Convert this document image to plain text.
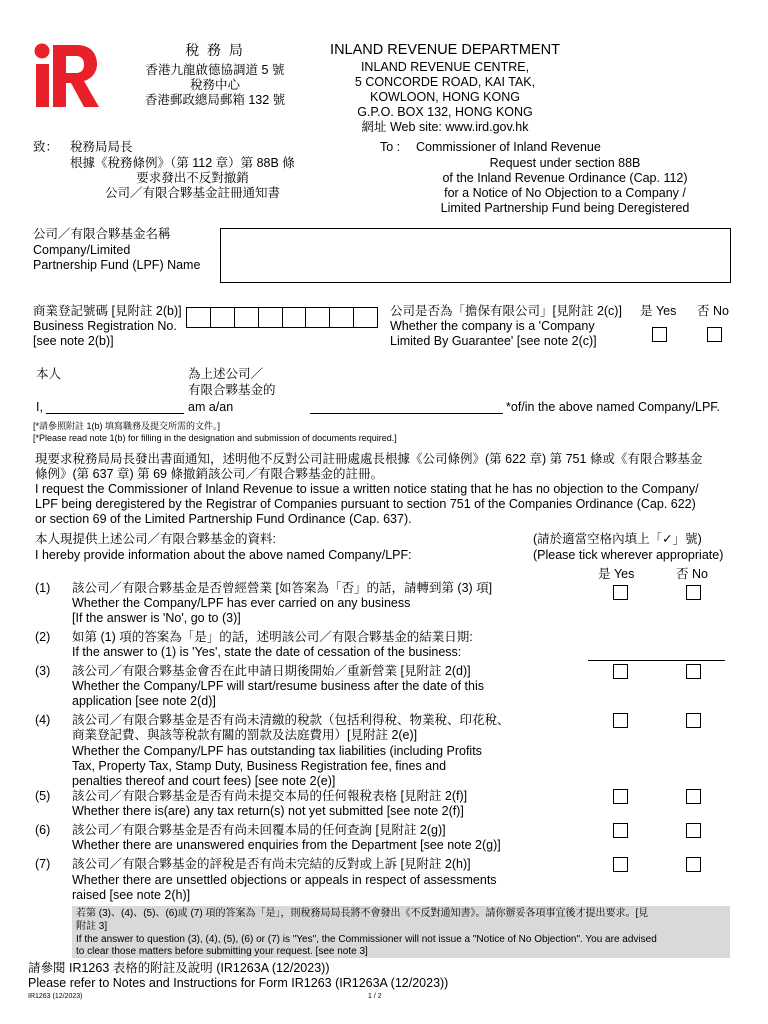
稅 務 局
香港九龍啟德協調道 5 號
稅務中心
香港郵政總局郵箱 132 號
INLAND REVENUE DEPARTMENT
INLAND REVENUE CENTRE,
5 CONCORDE ROAD, KAI TAK,
KOWLOON, HONG KONG
G.P.O. BOX 132, HONG KONG
網址 Web site: www.ird.gov.hk
致： 稅務局局長
根據《稅務條例》（第 112 章）第 88B 條
要求發出不反對撤銷
公司／有限合夥基金註冊通知書
To : Commissioner of Inland Revenue
Request under section 88B
of the Inland Revenue Ordinance (Cap. 112)
for a Notice of No Objection to a Company /
Limited Partnership Fund being Deregistered
公司／有限合夥基金名稱
Company/Limited
Partnership Fund (LPF) Name
商業登記號碼 [見附註 2(b)]
Business Registration No.
[see note 2(b)]
公司是否為「擔保有限公司」[見附註 2(c)]
Whether the company is a 'Company
Limited By Guarantee' [see note 2(c)]
是 Yes 否 No
本人	為上述公司／
有限合夥基金的
I,	am a/an	*of/in the above named Company/LPF.
[*請參照附註 1(b) 填寫職務及提交所需的文件。]
[*Please read note 1(b) for filling in the designation and submission of documents required.]
現要求稅務局局長發出書面通知，述明他不反對公司註冊處處長根據《公司條例》(第 622 章) 第 751 條或《有限合夥基金
條例》(第 637 章) 第 69 條撤銷該公司／有限合夥基金的註冊。
I request the Commissioner of Inland Revenue to issue a written notice stating that he has no objection to the Company/
LPF being deregistered by the Registrar of Companies pursuant to section 751 of the Companies Ordinance (Cap. 622)
or section 69 of the Limited Partnership Fund Ordinance (Cap. 637).
本人現提供上述公司／有限合夥基金的資料:
I hereby provide information about the above named Company/LPF:
(請於適當空格內填上「✓」號)
(Please tick wherever appropriate)
是 Yes	否 No
(1) 該公司／有限合夥基金是否曾經營業 [如答案為「否」的話，請轉到第 (3) 項]
Whether the Company/LPF has ever carried on any business
[If the answer is 'No', go to (3)]
(2) 如第 (1) 項的答案為「是」的話，述明該公司／有限合夥基金的結業日期:
If the answer to (1) is 'Yes', state the date of cessation of the business:
(3) 該公司／有限合夥基金會否在此申請日期後開始／重新營業 [見附註 2(d)]
Whether the Company/LPF will start/resume business after the date of this
application [see note 2(d)]
(4) 該公司／有限合夥基金是否有尚未清繳的稅款（包括利得稅、物業稅、印花稅、
商業登記費、與該等稅款有關的罰款及法庭費用）[見附註 2(e)]
Whether the Company/LPF has outstanding tax liabilities (including Profits
Tax, Property Tax, Stamp Duty, Business Registration fee, fines and
penalties thereof and court fees) [see note 2(e)]
(5) 該公司／有限合夥基金是否有尚未提交本局的任何報稅表格 [見附註 2(f)]
Whether there is(are) any tax return(s) not yet submitted [see note 2(f)]
(6) 該公司／有限合夥基金是否有尚未回覆本局的任何查詢 [見附註 2(g)]
Whether there are unanswered enquiries from the Department [see note 2(g)]
(7) 該公司／有限合夥基金的評稅是否有尚未完結的反對或上訴 [見附註 2(h)]
Whether there are unsettled objections or appeals in respect of assessments
raised [see note 2(h)]
若第 (3)、(4)、(5)、(6)或 (7) 項的答案為「是」，則稅務局局長將不會發出《不反對通知書》。請你辦妥各項事宜後才提出要求。[見
附註 3]
If the answer to question (3), (4), (5), (6) or (7) is "Yes", the Commissioner will not issue a "Notice of No Objection". You are advised
to clear those matters before submitting your request. [see note 3]
請參閱 IR1263 表格的附註及說明 (IR1263A (12/2023))
Please refer to Notes and Instructions for Form IR1263 (IR1263A (12/2023))
IR1263 (12/2023)	1 / 2
